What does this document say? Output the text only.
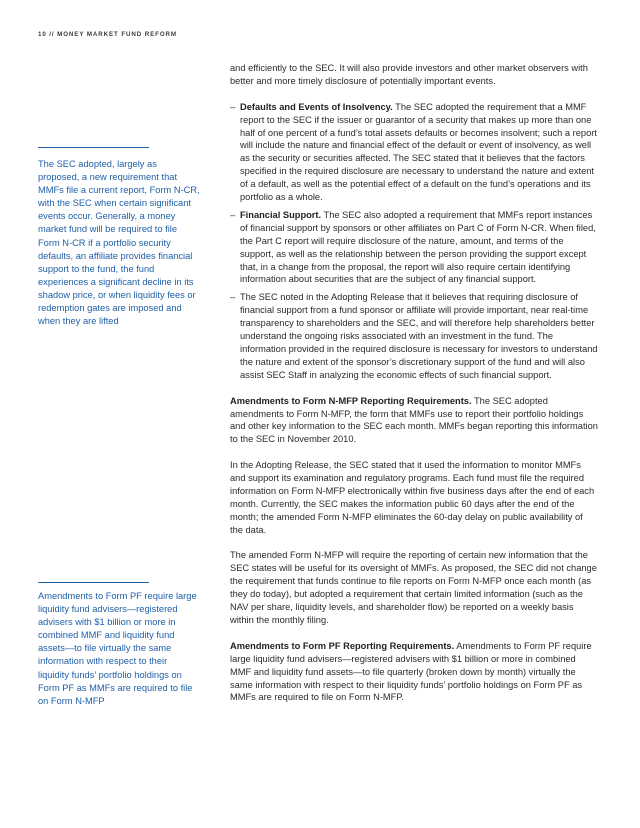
10 // MONEY MARKET FUND REFORM
The SEC adopted, largely as proposed, a new requirement that MMFs file a current report, Form N-CR, with the SEC when certain significant events occur. Generally, a money market fund will be required to file Form N-CR if a portfolio security defaults, an affiliate provides financial support to the fund, the fund experiences a significant decline in its shadow price, or when liquidity fees or redemption gates are imposed and when they are lifted
Amendments to Form PF require large liquidity fund advisers—registered advisers with $1 billion or more in combined MMF and liquidity fund assets—to file virtually the same information with respect to their liquidity funds’ portfolio holdings on Form PF as MMFs are required to file on Form N-MFP

and efficiently to the SEC. It will also provide investors and other market observers with better and more timely disclosure of potentially important events.

– Defaults and Events of Insolvency. The SEC adopted the requirement that a MMF report to the SEC if the issuer or guarantor of a security that makes up more than one half of one percent of a fund’s total assets defaults or becomes insolvent; such a report will include the nature and financial effect of the default or event of insolvency, as well as the security or securities affected. The SEC stated that it believes that the factors specified in the required disclosure are necessary to understand the nature and extent of a default, as well as the potential effect of a default on the fund’s operations and its portfolio as a whole.
– Financial Support. The SEC also adopted a requirement that MMFs report instances of financial support by sponsors or other affiliates on Part C of Form N-CR. When filed, the Part C report will require disclosure of the nature, amount, and terms of the support, as well as the relationship between the person providing the support except that, in a change from the proposal, the report will also require certain identifying information about securities that are the subject of any financial support.
– The SEC noted in the Adopting Release that it believes that requiring disclosure of financial support from a fund sponsor or affiliate will provide important, near real-time transparency to shareholders and the SEC, and will therefore help shareholders better understand the ongoing risks associated with an investment in the fund. The information provided in the required disclosure is necessary for investors to understand the nature and extent of the sponsor’s discretionary support of the fund and will also assist SEC Staff in analyzing the economic effects of such financial support.

Amendments to Form N-MFP Reporting Requirements. The SEC adopted amendments to Form N-MFP, the form that MMFs use to report their portfolio holdings and other key information to the SEC each month. MMFs began reporting this information to the SEC in November 2010.

In the Adopting Release, the SEC stated that it used the information to monitor MMFs and support its examination and regulatory programs. Each fund must file the required information on Form N-MFP electronically within five business days after the end of each month. Currently, the SEC makes the information public 60 days after the end of the month; the amended Form N-MFP eliminates the 60-day delay on public availability of the data.

The amended Form N-MFP will require the reporting of certain new information that the SEC states will be useful for its oversight of MMFs. As proposed, the SEC did not change the requirement that funds continue to file reports on Form N-MFP once each month (as they do today), but adopted a requirement that certain limited information (such as the NAV per share, liquidity levels, and shareholder flow) be reported on a weekly basis within the monthly filing.

Amendments to Form PF Reporting Requirements. Amendments to Form PF require large liquidity fund advisers—registered advisers with $1 billion or more in combined MMF and liquidity fund assets—to file quarterly (broken down by month) virtually the same information with respect to their liquidity funds’ portfolio holdings on Form PF as MMFs are required to file on Form N-MFP.
